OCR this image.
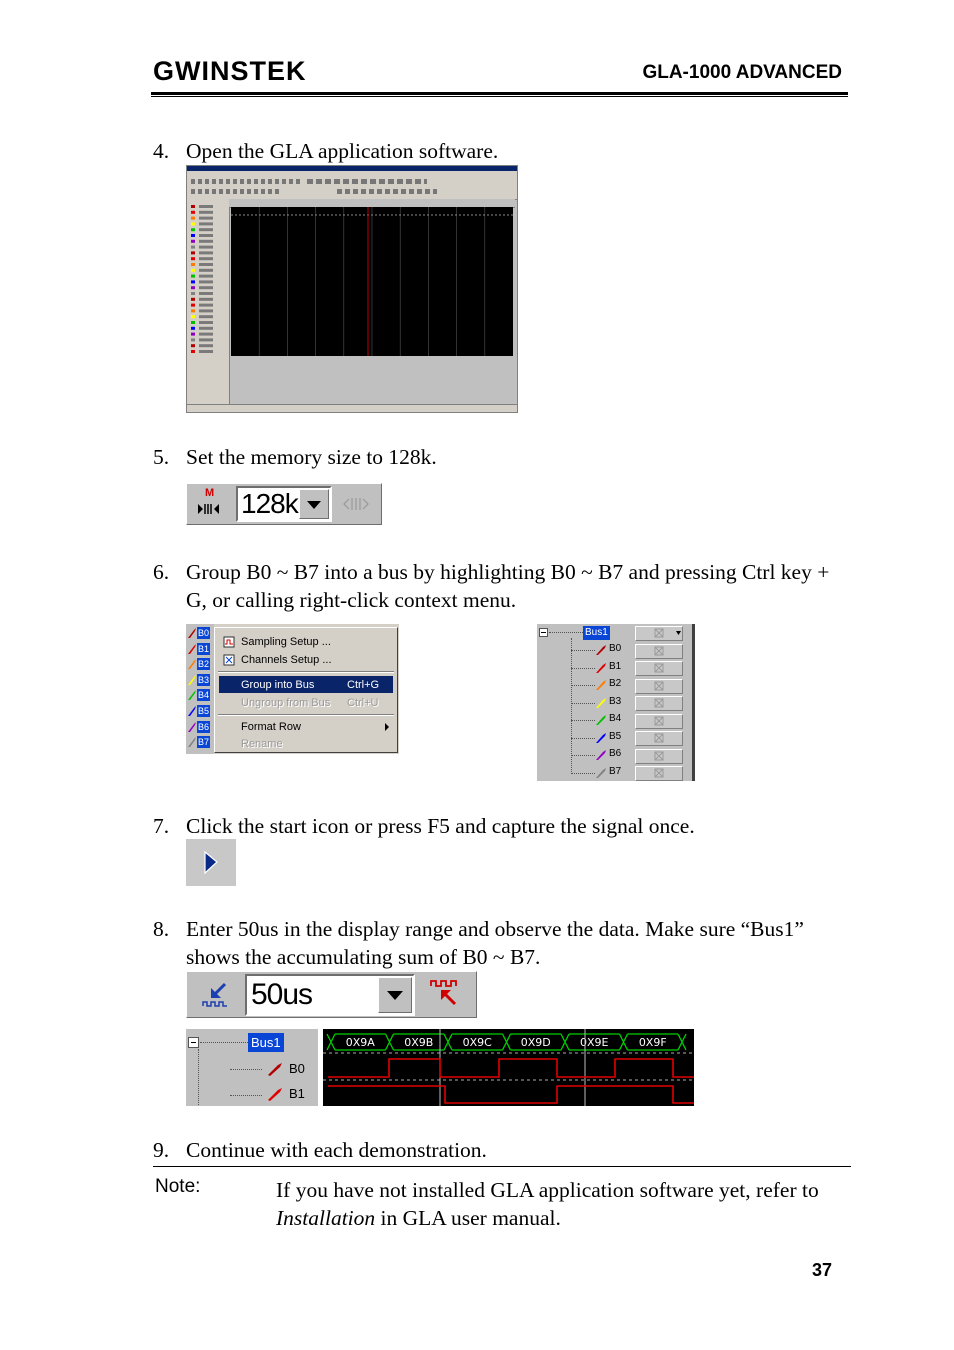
GWINSTEK	GLA-1000 ADVANCED
4. Open the GLA application software.
5. Set the memory size to 128k.
M 128k
6. Group B0 ~ B7 into a bus by highlighting B0 ~ B7 and pressing Ctrl key + G, or calling right-click context menu.
B0
B1
B2
B3
B4
B5
B6
B7
Sampling Setup ...
Channels Setup ...
Group into Bus	Ctrl+G
Ungroup from Bus Ctrl+U
Format Row
Rename
Bus1
B0
B1
B2
B3
B4
B5
B6
B7
7. Click the start icon or press F5 and capture the signal once.
8. Enter 50us in the display range and observe the data. Make sure “Bus1” shows the accumulating sum of B0 ~ B7.
50us
Bus1
B0
B1
0X9A	0X9B	0X9C	0X9D	0X9E	0X9F
9. Continue with each demonstration.
Note:	If you have not installed GLA application software yet, refer to Installation in GLA user manual.
37
